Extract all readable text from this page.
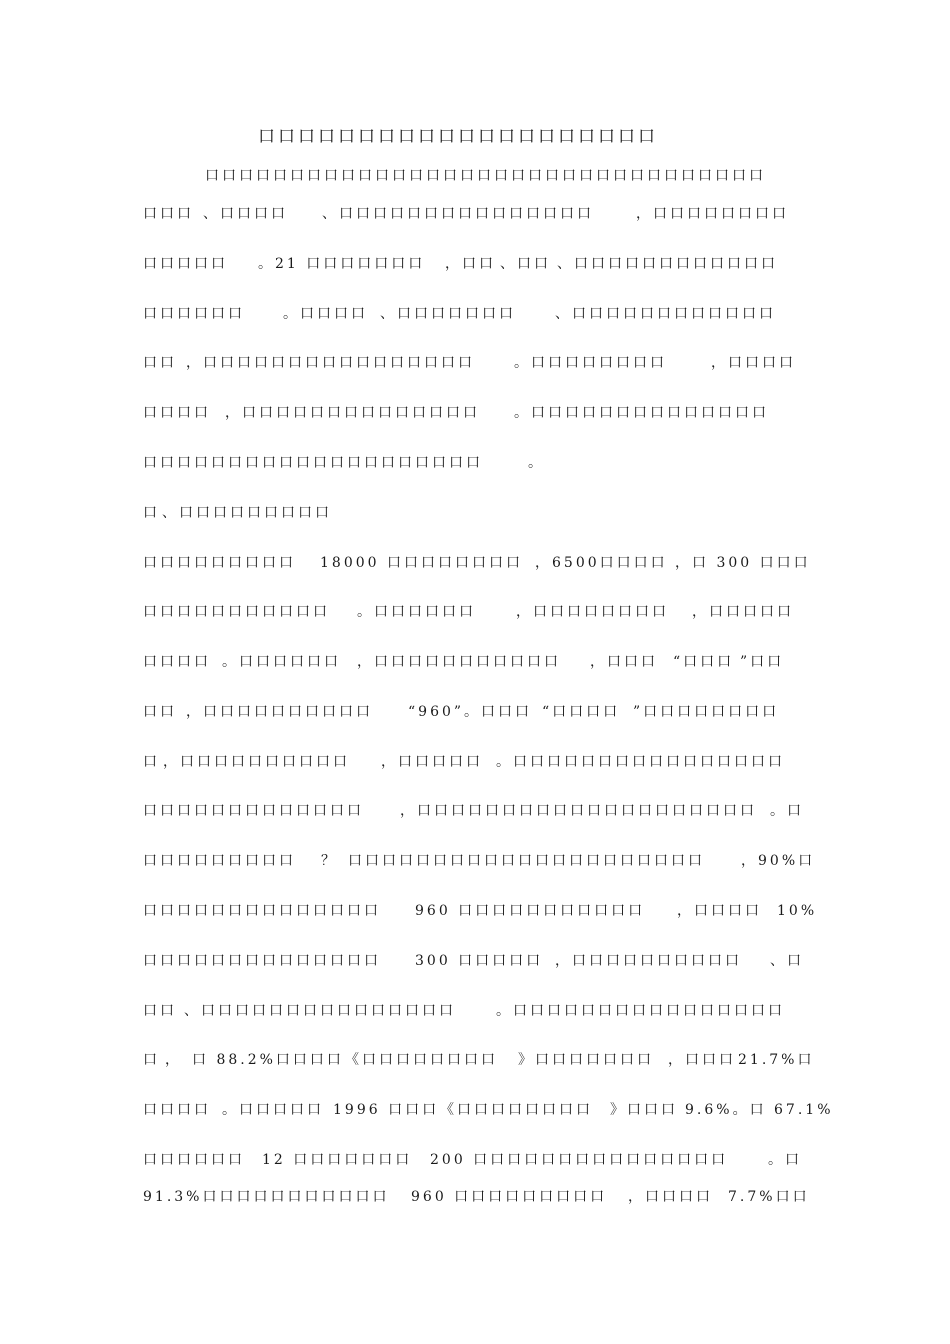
口口口口口口口口口口口口口口口口口口口口
口口口口口口口口口口口口口口口口口口口口口口口口口口口口口口口口口
口口口 、口口口口 、口口口口口口口口口口口口口口口	，口口口口口口口口
口口口口口 。21 口口口口口口口 ，口口 、口口 、口口口口口口口口口口口口
口口口口口口	。口口口口 、口口口口口口口	、口口口口口口口口口口口口
口口 ，口口口口口口口口口口口口口口口口	。口口口口口口口口	，口口口口
口口口口 ，口口口口口口口口口口口口口口 。口口口口口口口口口口口口口口
口口口口口口口口口口口口口口口口口口口口	。
口 、口口口口口口口口口
口口口口口口口口口 18000 口口口口口口口口 ，6500口口口口 ，口 300 口口口
口口口口口口口口口口口 。口口口口口口	，口口口口口口口口 ，口口口口口
口口口口 。口口口口口口 ，口口口口口口口口口口口 ，口口口 “口口口 ”口口
口口 ，口口口口口口口口口口	“960”。口口口 “口口口口 ”口口口口口口口口
口 ，口口口口口口口口口口 ，口口口口口 。口口口口口口口口口口口口口口口口
口口口口口口口口口口口口口	，口口口口口口口口口口口口口口口口口口口口 。口
口口口口口口口口口 ？ 口口口口口口口口口口口口口口口口口口口口口	，90%口
口口口口口口口口口口口口口口 960 口口口口口口口口口口口 ，口口口口 10%
口口口口口口口口口口口口口口 300 口口口口口 ，口口口口口口口口口口 、口
口口 、口口口口口口口口口口口口口口口	。口口口口口口口口口口口口口口口口
口 ， 口 88.2%口口口口 《口口口口口口口口 》口口口口口口口 ，口口口 21.7%口
口口口口 。口口口口口 1996 口口口 《口口口口口口口口 》口口口 9.6%。口 67.1%
口口口口口口 12 口口口口口口口 200 口口口口口口口口口口口口口口口	。口
91.3%口口口口口口口口口口口 960 口口口口口口口口口 ，口口口口 7.7%口口
